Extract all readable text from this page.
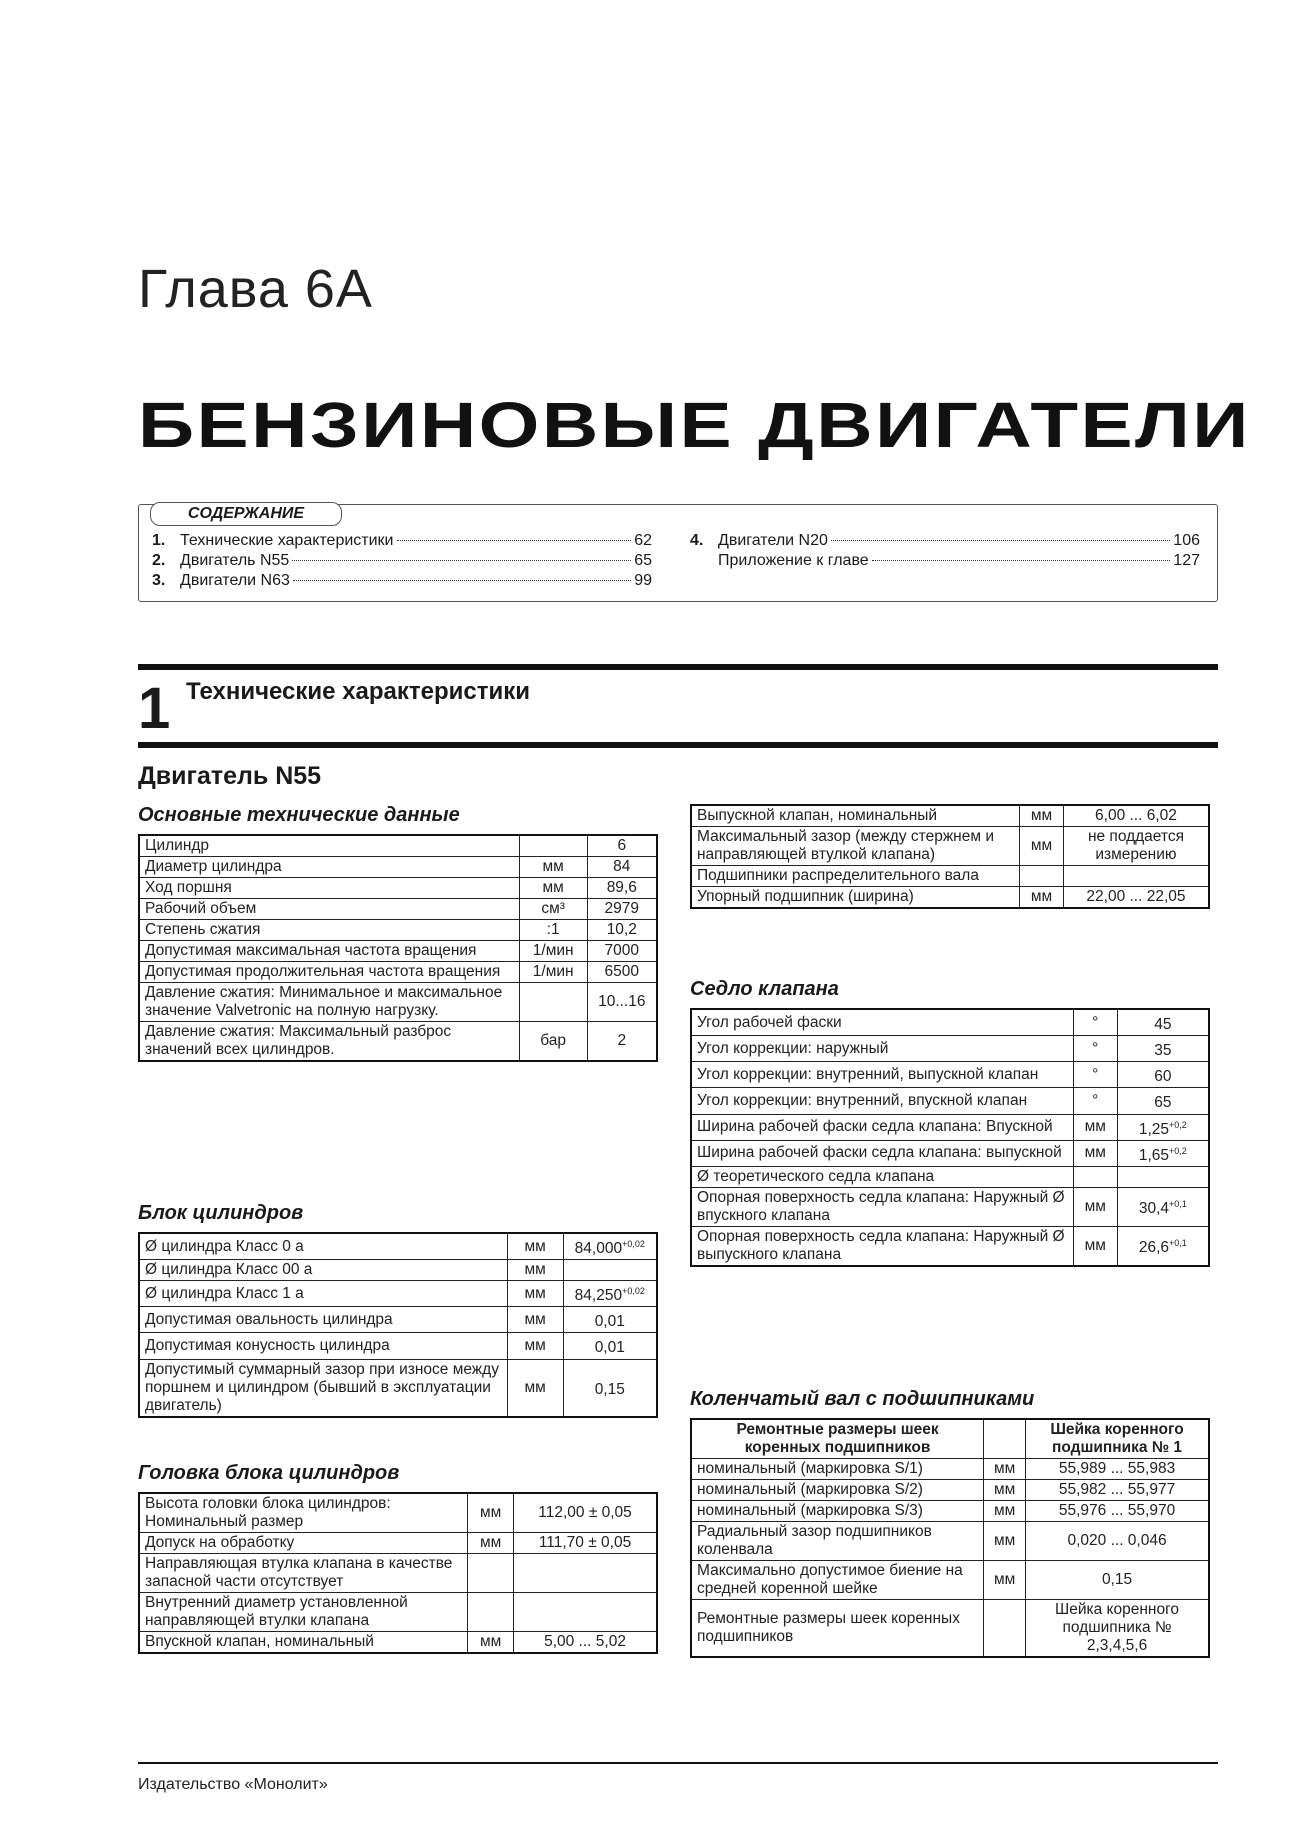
Глава 6А
БЕНЗИНОВЫЕ ДВИГАТЕЛИ
СОДЕРЖАНИЕ
1. Технические характеристики	62
2. Двигатель N55	65
3. Двигатели N63	99
4. Двигатели N20	106
Приложение к главе	127
1 Технические характеристики
Двигатель N55
Основные технические данные
Цилиндр		6
Диаметр цилиндра	мм	84
Ход поршня	мм	89,6
Рабочий объем	см³	2979
Степень сжатия	:1	10,2
Допустимая максимальная частота вращения	1/мин	7000
Допустимая продолжительная частота вращения	1/мин	6500
Давление сжатия: Минимальное и максимальное значение Valvetronic на полную нагрузку.		10...16
Давление сжатия: Максимальный разброс значений всех цилиндров.	бар	2
Блок цилиндров
Ø цилиндра Класс 0 а	мм	$84,000^{+0,02}$
Ø цилиндра Класс 00 а	мм	
Ø цилиндра Класс 1 а	мм	$84,250^{+0,02}$
Допустимая овальность цилиндра	мм	0,01
Допустимая конусность цилиндра	мм	0,01
Допустимый суммарный зазор при износе между поршнем и цилиндром (бывший в эксплуатации двигатель)	мм	0,15
Головка блока цилиндров
Высота головки блока цилиндров: Номинальный размер	мм	112,00 ± 0,05
Допуск на обработку	мм	111,70 ± 0,05
Направляющая втулка клапана в качестве запасной части отсутствует		
Внутренний диаметр установленной направляющей втулки клапана		
Впускной клапан, номинальный	мм	5,00 ... 5,02
Выпускной клапан, номинальный	мм	6,00 ... 6,02
Максимальный зазор (между стержнем и направляющей втулкой клапана)	мм	не поддается измерению
Подшипники распределительного вала		
Упорный подшипник (ширина)	мм	22,00 ... 22,05
Седло клапана
Угол рабочей фаски	°	45
Угол коррекции: наружный	°	35
Угол коррекции: внутренний, выпускной клапан	°	60
Угол коррекции: внутренний, впускной клапан	°	65
Ширина рабочей фаски седла клапана: Впускной	мм	$1,25^{+0,2}$
Ширина рабочей фаски седла клапана: выпускной	мм	$1,65^{+0,2}$
Ø теоретического седла клапана		
Опорная поверхность седла клапана: Наружный Ø впускного клапана	мм	$30,4^{+0,1}$
Опорная поверхность седла клапана: Наружный Ø выпускного клапана	мм	$26,6^{+0,1}$
Коленчатый вал с подшипниками
Ремонтные размеры шеек коренных подшипников		Шейка коренного подшипника № 1
номинальный (маркировка S/1)	мм	55,989 ... 55,983
номинальный (маркировка S/2)	мм	55,982 ... 55,977
номинальный (маркировка S/3)	мм	55,976 ... 55,970
Радиальный зазор подшипников коленвала	мм	0,020 ... 0,046
Максимально допустимое биение на средней коренной шейке	мм	0,15
Ремонтные размеры шеек коренных подшипников		Шейка коренного подшипника № 2,3,4,5,6
Издательство «Монолит»
